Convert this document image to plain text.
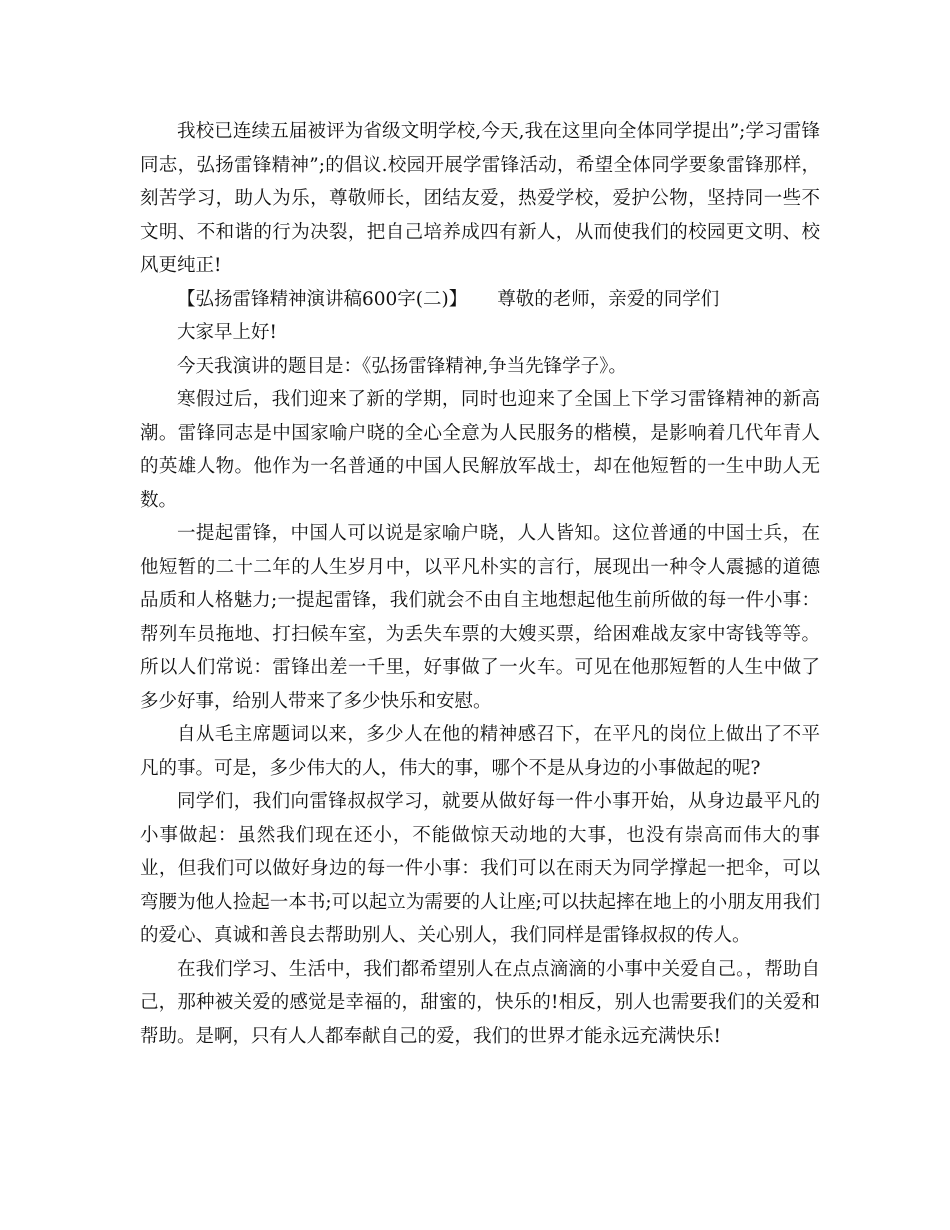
我校已连续五届被评为省级文明学校,今天,我在这里向全体同学提出”;学习雷锋同志，弘扬雷锋精神”;的倡议.校园开展学雷锋活动，希望全体同学要象雷锋那样，刻苦学习，助人为乐，尊敬师长，团结友爱，热爱学校，爱护公物，坚持同一些不文明、不和谐的行为决裂，把自己培养成四有新人，从而使我们的校园更文明、校风更纯正!

【弘扬雷锋精神演讲稿600字(二)】 尊敬的老师，亲爱的同学们

大家早上好!

今天我演讲的题目是：《弘扬雷锋精神,争当先锋学子》。

寒假过后，我们迎来了新的学期，同时也迎来了全国上下学习雷锋精神的新高潮。雷锋同志是中国家喻户晓的全心全意为人民服务的楷模，是影响着几代年青人的英雄人物。他作为一名普通的中国人民解放军战士，却在他短暂的一生中助人无数。

一提起雷锋，中国人可以说是家喻户晓，人人皆知。这位普通的中国士兵，在他短暂的二十二年的人生岁月中，以平凡朴实的言行，展现出一种令人震撼的道德品质和人格魅力;一提起雷锋，我们就会不由自主地想起他生前所做的每一件小事：帮列车员拖地、打扫候车室，为丢失车票的大嫂买票，给困难战友家中寄钱等等。所以人们常说：雷锋出差一千里，好事做了一火车。可见在他那短暂的人生中做了多少好事，给别人带来了多少快乐和安慰。

自从毛主席题词以来，多少人在他的精神感召下，在平凡的岗位上做出了不平凡的事。可是，多少伟大的人，伟大的事，哪个不是从身边的小事做起的呢?

同学们，我们向雷锋叔叔学习，就要从做好每一件小事开始，从身边最平凡的小事做起：虽然我们现在还小，不能做惊天动地的大事，也没有崇高而伟大的事业，但我们可以做好身边的每一件小事：我们可以在雨天为同学撑起一把伞，可以弯腰为他人捡起一本书;可以起立为需要的人让座;可以扶起摔在地上的小朋友用我们的爱心、真诚和善良去帮助别人、关心别人，我们同样是雷锋叔叔的传人。

在我们学习、生活中，我们都希望别人在点点滴滴的小事中关爱自己。，帮助自己，那种被关爱的感觉是幸福的，甜蜜的，快乐的!相反，别人也需要我们的关爱和帮助。是啊，只有人人都奉献自己的爱，我们的世界才能永远充满快乐!
